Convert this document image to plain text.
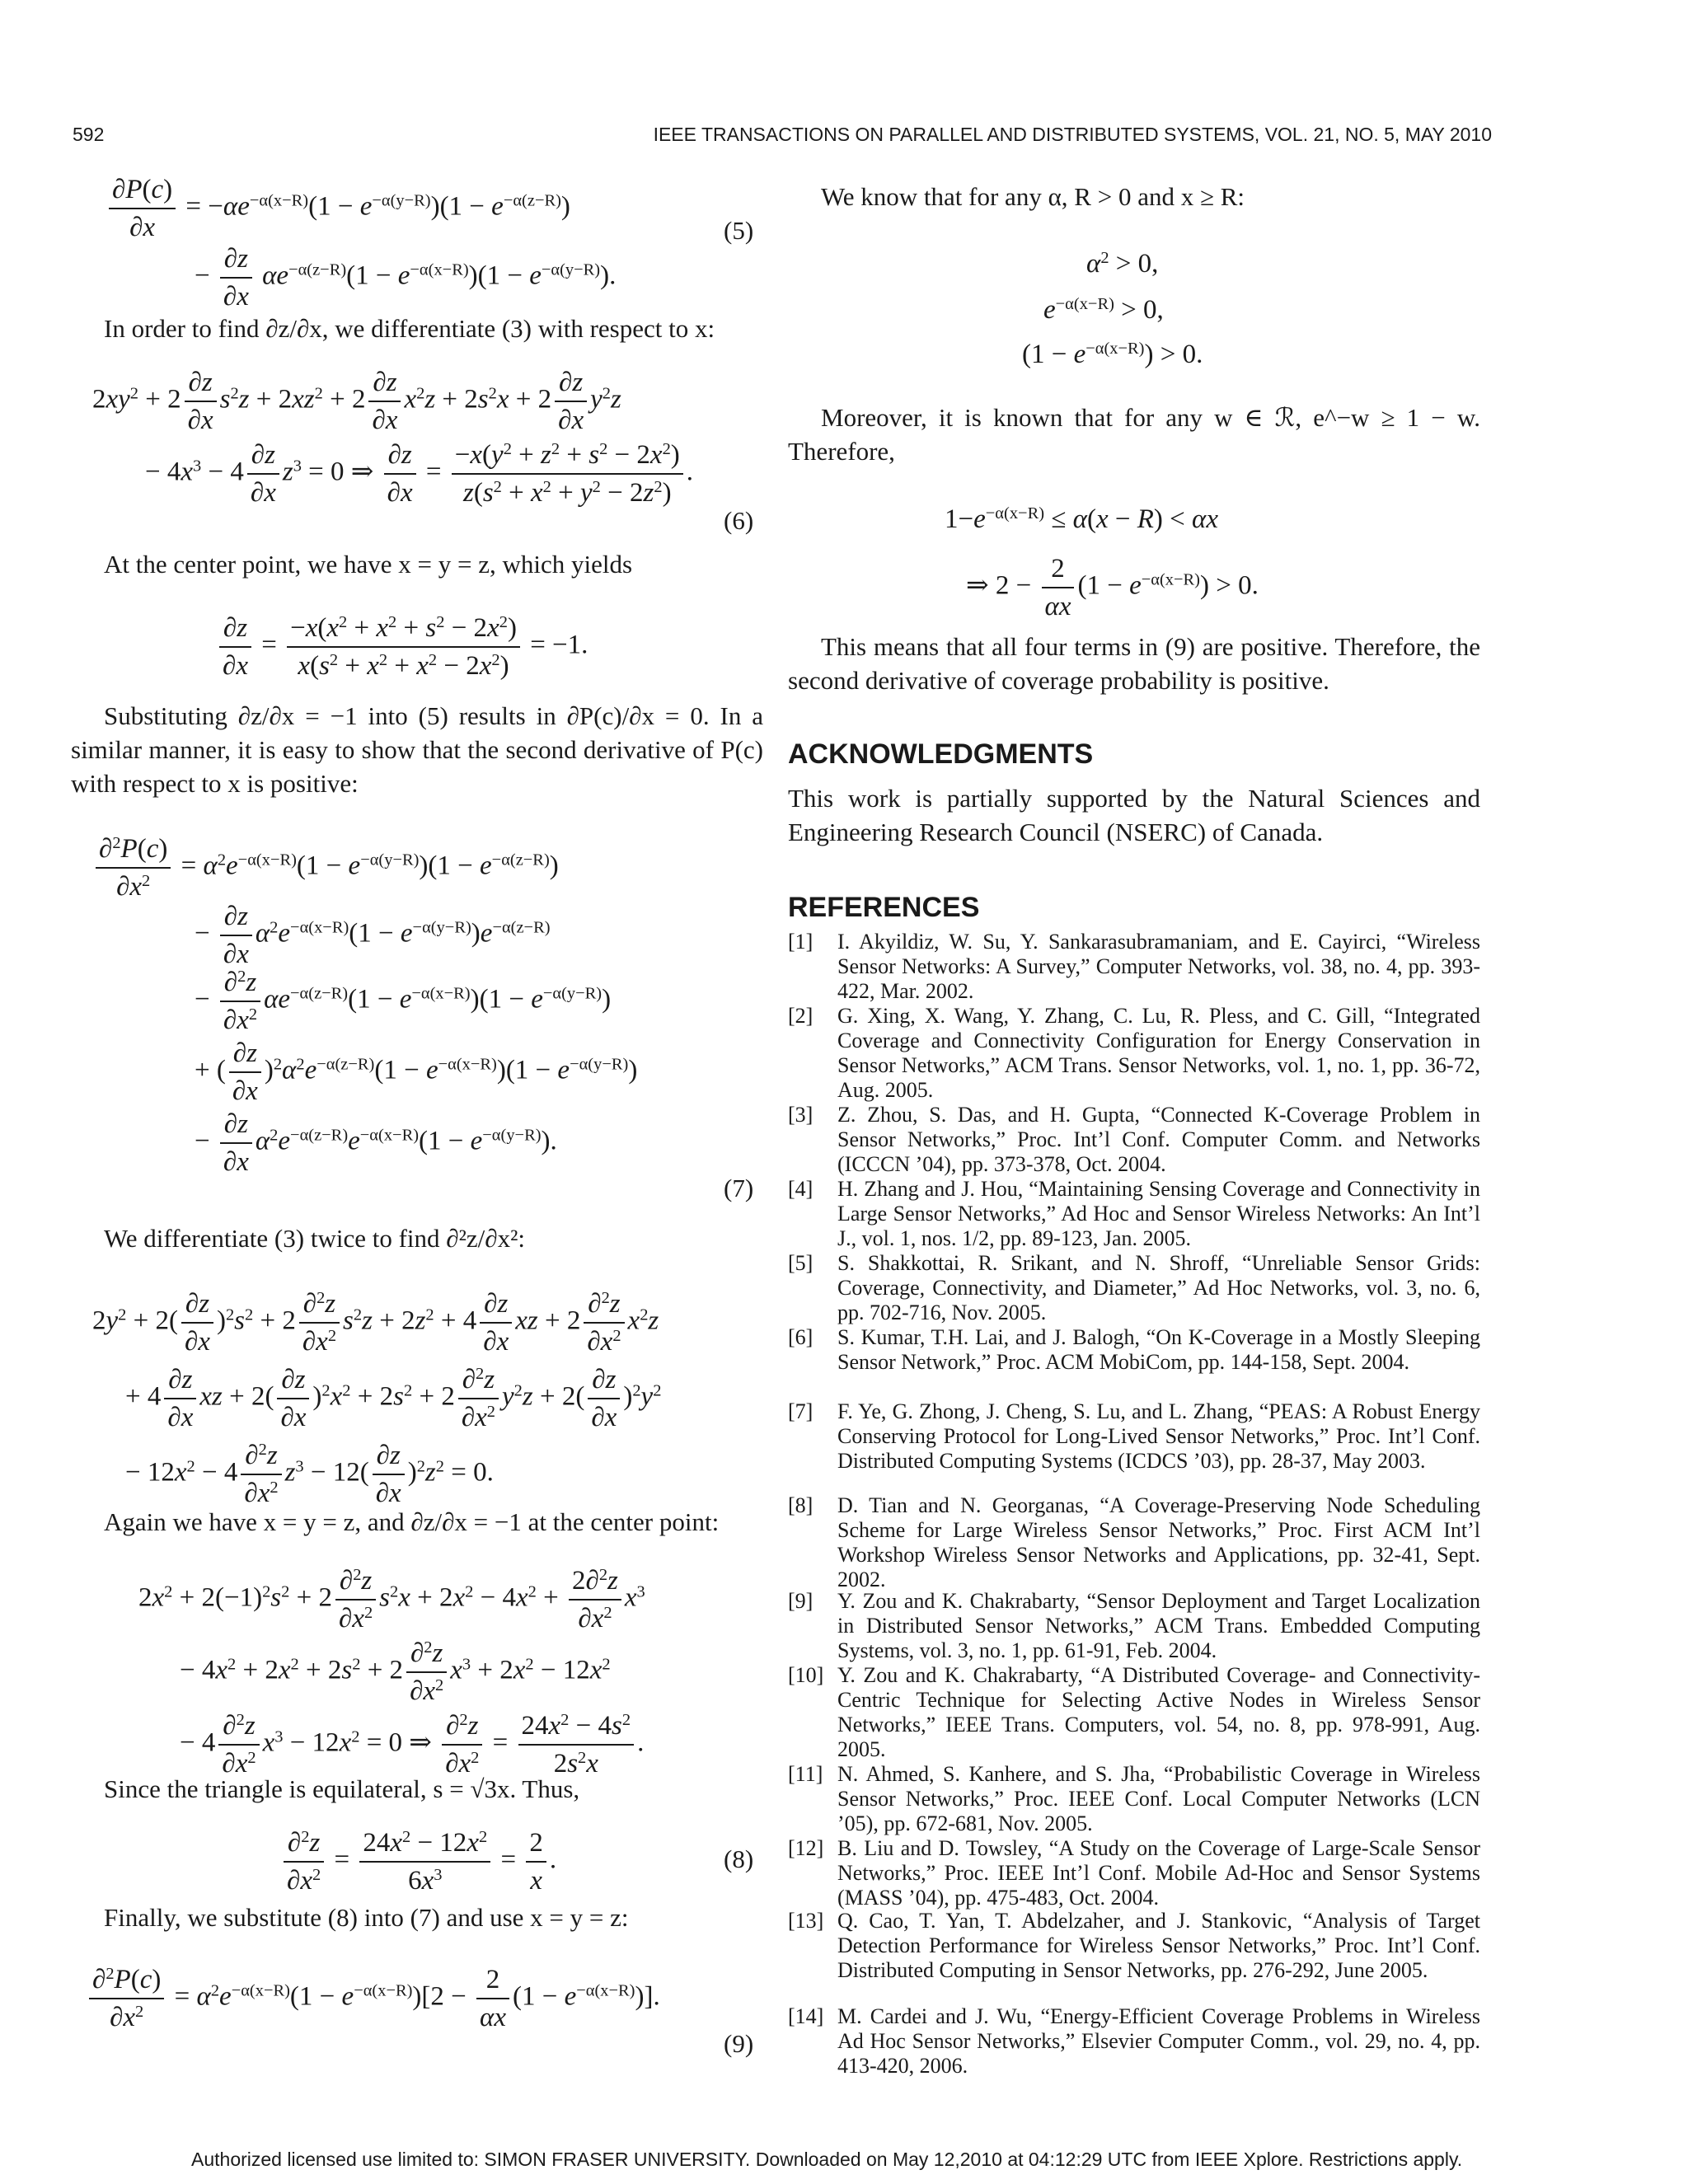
592	IEEE TRANSACTIONS ON PARALLEL AND DISTRIBUTED SYSTEMS, VOL. 21, NO. 5, MAY 2010
$\frac{\partial P(c)}{\partial x} = -\alpha e^{-\alpha(x-R)}(1 - e^{-\alpha(y-R)})(1 - e^{-\alpha(z-R)})$
− $\frac{\partial z}{\partial x} \alpha e^{-\alpha(z-R)}(1 - e^{-\alpha(x-R)})(1 - e^{-\alpha(y-R)})$.
(5)
In order to find ∂z/∂x, we differentiate (3) with respect to x:
$2xy^2 + 2 \frac{\partial z}{\partial x} s^2z + 2xz^2 + 2 \frac{\partial z}{\partial x} x^2z + 2s^2x + 2 \frac{\partial z}{\partial x} y^2z$
− $4x^3 - 4 \frac{\partial z}{\partial x} z^3 = 0$ ⇒ $\frac{\partial z}{\partial x} = \frac{-x(y^2 + z^2 + s^2 - 2x^2)}{z(s^2 + x^2 + y^2 - 2z^2)}$ .
(6)
At the center point, we have x = y = z, which yields
$\frac{\partial z}{\partial x} = \frac{-x(x^2 + x^2 + s^2 - 2x^2)}{x(s^2 + x^2 + x^2 - 2x^2)} = -1$.
Substituting ∂z/∂x = −1 into (5) results in ∂P(c)/∂x = 0. In a similar manner, it is easy to show that the second derivative of P(c) with respect to x is positive:
$\frac{\partial^2P(c)}{\partial x^2} = \alpha^2e^{-\alpha(x-R)}(1 - e^{-\alpha(y-R)})(1 - e^{-\alpha(z-R)})$
− $\frac{\partial z}{\partial x} \alpha^2e^{-\alpha(x-R)}(1 - e^{-\alpha(y-R)})e^{-\alpha(z-R)}$
− $\frac{\partial^2z}{\partial x^2} \alpha e^{-\alpha(z-R)}(1 - e^{-\alpha(x-R)})(1 - e^{-\alpha(y-R)})$
+ ( $\frac{\partial z}{\partial x} )^2\alpha^2e^{-\alpha(z-R)}(1 - e^{-\alpha(x-R)})(1 - e^{-\alpha(y-R)})$
− $\frac{\partial z}{\partial x} \alpha^2e^{-\alpha(z-R)}e^{-\alpha(x-R)}(1 - e^{-\alpha(y-R)})$.
(7)
We differentiate (3) twice to find ∂²z/∂x²:
$2y^2 + 2( \frac{\partial z}{\partial x} )^2s^2 + 2 \frac{\partial^2z}{\partial x^2} s^2z + 2z^2 + 4 \frac{\partial z}{\partial x}$ xz + $2 \frac{\partial^2z}{\partial x^2} x^2z$
+ $4 \frac{\partial z}{\partial x}$ xz + $2( \frac{\partial z}{\partial x} )^2x^2 + 2s^2 + 2 \frac{\partial^2z}{\partial x^2} y^2z + 2( \frac{\partial z}{\partial x} )^2y^2$
− $12x^2 - 4 \frac{\partial^2z}{\partial x^2} z^3 - 12( \frac{\partial z}{\partial x} )^2z^2 = 0$.
Again we have x = y = z, and ∂z/∂x = −1 at the center point:
$2x^2 + 2(-1)^2s^2 + 2 \frac{\partial^2z}{\partial x^2} s^2x + 2x^2 - 4x^2 + \frac{2\partial^2z}{\partial x^2} x^3$
− $4x^2 + 2x^2 + 2s^2 + 2 \frac{\partial^2z}{\partial x^2} x^3 + 2x^2 - 12x^2$
− $4 \frac{\partial^2z}{\partial x^2} x^3 - 12x^2 = 0$ ⇒ $\frac{\partial^2z}{\partial x^2} = \frac{24x^2 - 4s^2}{2s^2x}$ .
Since the triangle is equilateral, s = √3x. Thus,
$\frac{\partial^2z}{\partial x^2} = \frac{24x^2 - 12x^2}{6x^3} = \frac{2}{x}$ .	(8)
Finally, we substitute (8) into (7) and use x = y = z:
$\frac{\partial^2P(c)}{\partial x^2} = \alpha^2e^{-\alpha(x-R)}(1 - e^{-\alpha(x-R)})[2 - \frac{2}{\alpha x} (1 - e^{-\alpha(x-R)})]$.
(9)
We know that for any α, R > 0 and x ≥ R:
$\alpha^2 > 0$,
$e^{-\alpha(x-R)} > 0$,
$(1 - e^{-\alpha(x-R)}) > 0$.
Moreover, it is known that for any w ∈ ℛ, e^−w ≥ 1 − w. Therefore,
$1-e^{-\alpha(x-R)} \le \alpha(x - R) < \alpha x$
⇒ $2 - \frac{2}{\alpha x} (1 - e^{-\alpha(x-R)}) > 0$.
This means that all four terms in (9) are positive. Therefore, the second derivative of coverage probability is positive.
ACKNOWLEDGMENTS
This work is partially supported by the Natural Sciences and Engineering Research Council (NSERC) of Canada.
REFERENCES
[1] I. Akyildiz, W. Su, Y. Sankarasubramaniam, and E. Cayirci, “Wireless Sensor Networks: A Survey,” Computer Networks, vol. 38, no. 4, pp. 393-422, Mar. 2002.
[2] G. Xing, X. Wang, Y. Zhang, C. Lu, R. Pless, and C. Gill, “Integrated Coverage and Connectivity Configuration for Energy Conservation in Sensor Networks,” ACM Trans. Sensor Networks, vol. 1, no. 1, pp. 36-72, Aug. 2005.
[3] Z. Zhou, S. Das, and H. Gupta, “Connected K-Coverage Problem in Sensor Networks,” Proc. Int’l Conf. Computer Comm. and Networks (ICCCN ’04), pp. 373-378, Oct. 2004.
[4] H. Zhang and J. Hou, “Maintaining Sensing Coverage and Connectivity in Large Sensor Networks,” Ad Hoc and Sensor Wireless Networks: An Int’l J., vol. 1, nos. 1/2, pp. 89-123, Jan. 2005.
[5] S. Shakkottai, R. Srikant, and N. Shroff, “Unreliable Sensor Grids: Coverage, Connectivity, and Diameter,” Ad Hoc Networks, vol. 3, no. 6, pp. 702-716, Nov. 2005.
[6] S. Kumar, T.H. Lai, and J. Balogh, “On K-Coverage in a Mostly Sleeping Sensor Network,” Proc. ACM MobiCom, pp. 144-158, Sept. 2004.
[7] F. Ye, G. Zhong, J. Cheng, S. Lu, and L. Zhang, “PEAS: A Robust Energy Conserving Protocol for Long-Lived Sensor Networks,” Proc. Int’l Conf. Distributed Computing Systems (ICDCS ’03), pp. 28-37, May 2003.
[8] D. Tian and N. Georganas, “A Coverage-Preserving Node Scheduling Scheme for Large Wireless Sensor Networks,” Proc. First ACM Int’l Workshop Wireless Sensor Networks and Applications, pp. 32-41, Sept. 2002.
[9] Y. Zou and K. Chakrabarty, “Sensor Deployment and Target Localization in Distributed Sensor Networks,” ACM Trans. Embedded Computing Systems, vol. 3, no. 1, pp. 61-91, Feb. 2004.
[10] Y. Zou and K. Chakrabarty, “A Distributed Coverage- and Connectivity-Centric Technique for Selecting Active Nodes in Wireless Sensor Networks,” IEEE Trans. Computers, vol. 54, no. 8, pp. 978-991, Aug. 2005.
[11] N. Ahmed, S. Kanhere, and S. Jha, “Probabilistic Coverage in Wireless Sensor Networks,” Proc. IEEE Conf. Local Computer Networks (LCN ’05), pp. 672-681, Nov. 2005.
[12] B. Liu and D. Towsley, “A Study on the Coverage of Large-Scale Sensor Networks,” Proc. IEEE Int’l Conf. Mobile Ad-Hoc and Sensor Systems (MASS ’04), pp. 475-483, Oct. 2004.
[13] Q. Cao, T. Yan, T. Abdelzaher, and J. Stankovic, “Analysis of Target Detection Performance for Wireless Sensor Networks,” Proc. Int’l Conf. Distributed Computing in Sensor Networks, pp. 276-292, June 2005.
[14] M. Cardei and J. Wu, “Energy-Efficient Coverage Problems in Wireless Ad Hoc Sensor Networks,” Elsevier Computer Comm., vol. 29, no. 4, pp. 413-420, 2006.
Authorized licensed use limited to: SIMON FRASER UNIVERSITY. Downloaded on May 12,2010 at 04:12:29 UTC from IEEE Xplore. Restrictions apply.
